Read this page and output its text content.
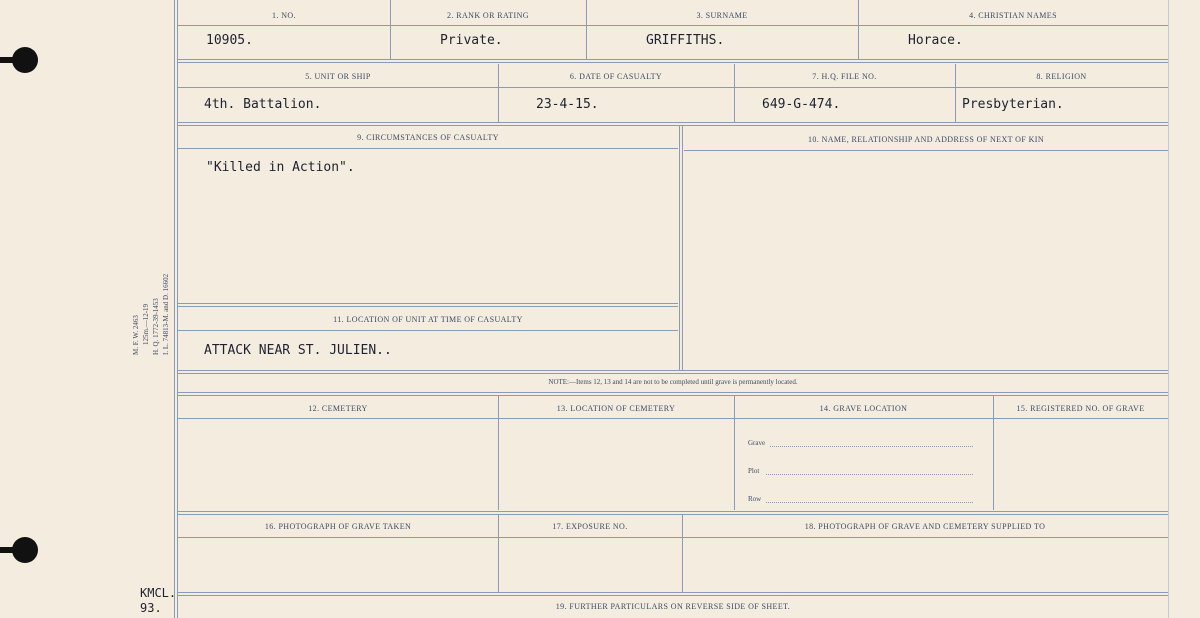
M. F. W. 2463 125m.—12-19 H. Q. 1772-39-1453 I. L. 74813-M. and D. 16602
KMCL.
93.
1. NO.	2. RANK OR RATING	3. SURNAME	4. CHRISTIAN NAMES
10905.	Private.	GRIFFITHS.	Horace.
5. UNIT OR SHIP	6. DATE OF CASUALTY	7. H.Q. FILE NO.	8. RELIGION
4th. Battalion.	23-4-15.	649-G-474.	Presbyterian.
9. CIRCUMSTANCES OF CASUALTY
"Killed in Action".
10. NAME, RELATIONSHIP AND ADDRESS OF NEXT OF KIN
11. LOCATION OF UNIT AT TIME OF CASUALTY
ATTACK NEAR ST. JULIEN..
NOTE:—Items 12, 13 and 14 are not to be completed until grave is permanently located.
12. CEMETERY	13. LOCATION OF CEMETERY	14. GRAVE LOCATION	15. REGISTERED NO. OF GRAVE
Grave
Plot
Row
16. PHOTOGRAPH OF GRAVE TAKEN	17. EXPOSURE NO.	18. PHOTOGRAPH OF GRAVE AND CEMETERY SUPPLIED TO
19. FURTHER PARTICULARS ON REVERSE SIDE OF SHEET.
